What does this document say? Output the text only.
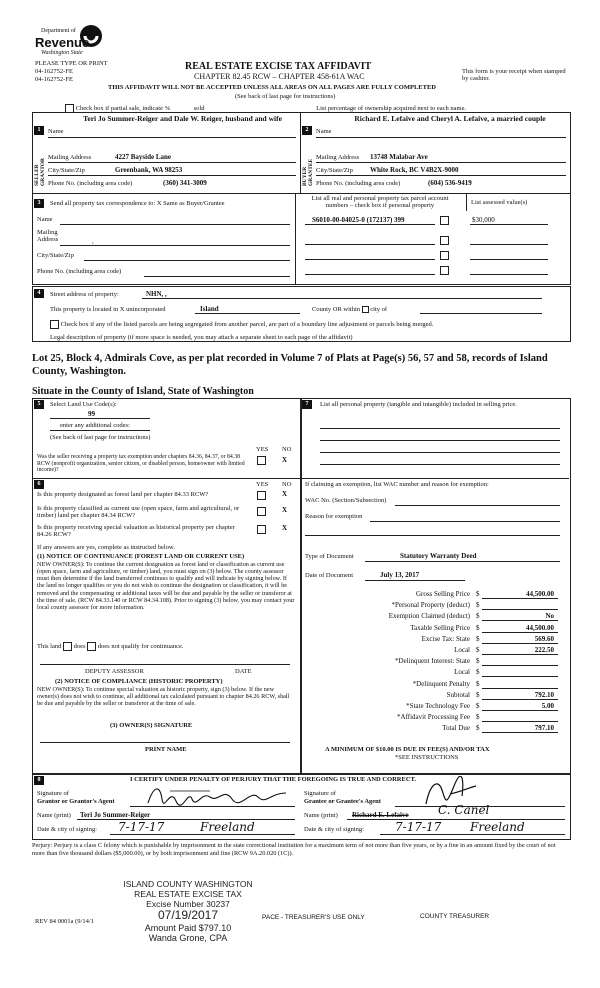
Department of
Revenue
Washington State
PLEASE TYPE OR PRINT
04-162752-FE
04-162752-FE
REAL ESTATE EXCISE TAX AFFIDAVIT
CHAPTER 82.45 RCW – CHAPTER 458-61A WAC
This form is your receipt when stamped by cashier.
THIS AFFIDAVIT WILL NOT BE ACCEPTED UNLESS ALL AREAS ON ALL PAGES ARE FULLY COMPLETED
(See back of last page for instructions)
Check box if partial sale, indicate %	sold	List percentage of ownership acquired next to each name.
1
SELLER GRANTOR
Teri Jo Summer-Reiger and Dale W. Reiger, husband and wife
Name
Mailing Address	4227 Bayside Lane
City/State/Zip	Greenbank, WA 98253
Phone No. (including area code)	(360) 341-3009
2
BUYER GRANTEE
Richard E. Lefaive and Cheryl A. Lefaive, a married couple
Name
Mailing Address 13748 Malabar Ave
City/State/Zip White Rock, BC V4B2X-9000
Phone No. (including area code)	(604) 536-9419
3	Send all property tax correspondence to: X Same as Buyer/Grantee
Name
Mailing Address	,
City/State/Zip
Phone No. (including area code)
List all real and personal property tax parcel account numbers – check box if personal property	List assessed value(s)
S6010-00-04025-0 (172137) 399	$30,000
4	Street address of property:	NHN, ,
This property is located in X unincorporated	Island	County OR within city of
Check box if any of the listed parcels are being segregated from another parcel, are part of a boundary line adjustment or parcels being merged.
Legal description of property (if more space is needed, you may attach a separate sheet to each page of the affidavit)
Lot 25, Block 4, Admirals Cove, as per plat recorded in Volume 7 of Plats at Page(s) 56, 57 and 58, records of Island County, Washington.
Situate in the County of Island, State of Washington
5	Select Land Use Code(s):
99
enter any additional codes:
(See back of last page for instructions)
YES NO
Was the seller receiving a property tax exemption under chapters 84.36, 84.37, or 84.38 RCW (nonprofit organization, senior citizen, or disabled person, homeowner with limited income)?
X
6	YES NO
Is this property designated as forest land per chapter 84.33 RCW?	X
Is this property classified as current use (open space, farm and agricultural, or timber) land per chapter 84.34 RCW?
X
Is this property receiving special valuation as historical property per chapter 84.26 RCW?
X
If any answers are yes, complete as instructed below.
(1) NOTICE OF CONTINUANCE (FOREST LAND OR CURRENT USE)
NEW OWNER(S): To continue the current designation as forest land or classification as current use (open space, farm and agriculture, or timber) land, you must sign on (3) below. The county assessor must then determine if the land transferred continues to qualify and will indicate by signing below. If the land no longer qualifies or you do not wish to continue the designation or classification, it will be removed and the compensating or additional taxes will be due and payable by the seller or transferor at the time of sale. (RCW 84.33.140 or RCW 84.34.108). Prior to signing (3) below, you may contact your local county assessor for more information.
This land does does not qualify for continuance.
DEPUTY ASSESSOR	DATE
(2) NOTICE OF COMPLIANCE (HISTORIC PROPERTY)
NEW OWNER(S): To continue special valuation as historic property, sign (3) below. If the new owner(s) does not wish to continue, all additional tax calculated pursuant to chapter 84.26 RCW, shall be due and payable by the seller or transferor at the time of sale.
(3) OWNER(S) SIGNATURE
PRINT NAME
7	List all personal property (tangible and intangible) included in selling price.
If claiming an exemption, list WAC number and reason for exemption:
WAC No. (Section/Subsection)
Reason for exemption
Type of Document	Statutory Warranty Deed
Date of Document	July 13, 2017
Gross Selling Price $	44,500.00
*Personal Property (deduct) $
Exemption Claimed (deduct) $	No
Taxable Selling Price $	44,500.00
Excise Tax: State $	569.60
Local $	222.50
*Delinquent Interest: State $
Local $
*Delinquent Penalty $
Subtotal $	792.10
*State Technology Fee $	5.00
*Affidavit Processing Fee $
Total Due $	797.10
A MINIMUM OF $10.00 IS DUE IN FEE(S) AND/OR TAX
*SEE INSTRUCTIONS
8	I CERTIFY UNDER PENALTY OF PERJURY THAT THE FOREGOING IS TRUE AND CORRECT.
Signature of
Grantor or Grantor's Agent
Name (print) Teri Jo Summer-Reiger
Date & city of signing: 7-17-17	Freeland
Signature of
Grantee or Grantee's Agent
Name (print) Richard E. Lefaive C. Canel
Date & city of signing:	7-17-17 Freeland
Perjury: Perjury is a class C felony which is punishable by imprisonment in the state correctional institution for a maximum term of not more than five years, or by a fine in an amount fixed by the court of not more than five thousand dollars ($5,000.00), or by both imprisonment and fine (RCW 9A.20.020 (1C)).
ISLAND COUNTY WASHINGTON
REAL ESTATE EXCISE TAX
Excise Number 30237
07/19/2017
Amount Paid $797.10
Wanda Grone, CPA
REV 84 0001a (9/14/1
PACE - TREASURER'S USE ONLY	COUNTY TREASURER
